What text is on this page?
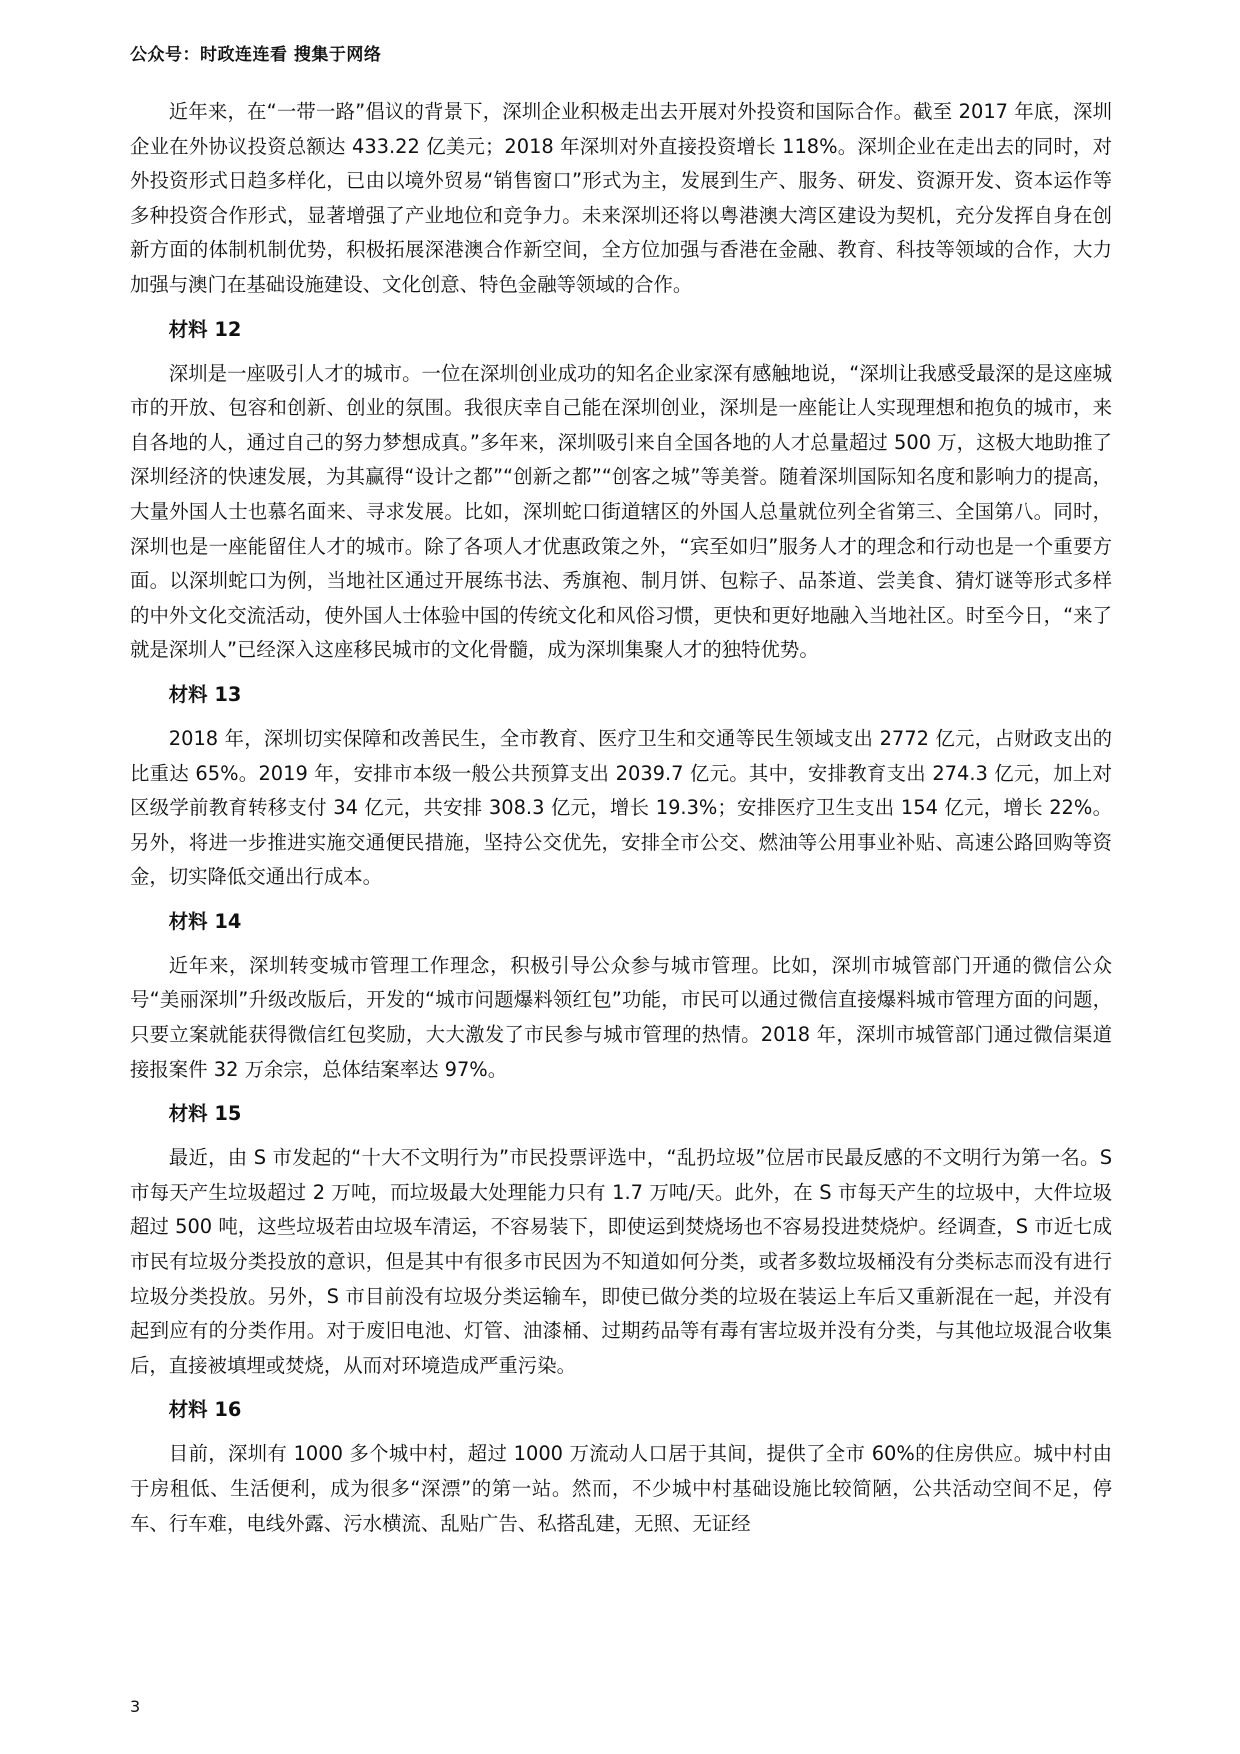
公众号：时政连连看 搜集于网络

近年来，在“一带一路”倡议的背景下，深圳企业积极走出去开展对外投资和国际合作。截至 2017 年底，深圳企业在外协议投资总额达 433.22 亿美元；2018 年深圳对外直接投资增长 118%。深圳企业在走出去的同时，对外投资形式日趋多样化，已由以境外贸易“销售窗口”形式为主，发展到生产、服务、研发、资源开发、资本运作等多种投资合作形式，显著增强了产业地位和竞争力。未来深圳还将以粤港澳大湾区建设为契机，充分发挥自身在创新方面的体制机制优势，积极拓展深港澳合作新空间，全方位加强与香港在金融、教育、科技等领域的合作，大力加强与澳门在基础设施建设、文化创意、特色金融等领域的合作。

材料 12

深圳是一座吸引人才的城市。一位在深圳创业成功的知名企业家深有感触地说，“深圳让我感受最深的是这座城市的开放、包容和创新、创业的氛围。我很庆幸自己能在深圳创业，深圳是一座能让人实现理想和抱负的城市，来自各地的人，通过自己的努力梦想成真。”多年来，深圳吸引来自全国各地的人才总量超过 500 万，这极大地助推了深圳经济的快速发展，为其赢得“设计之都”“创新之都”“创客之城”等美誉。随着深圳国际知名度和影响力的提高，大量外国人士也慕名面来、寻求发展。比如，深圳蛇口街道辖区的外国人总量就位列全省第三、全国第八。同时，深圳也是一座能留住人才的城市。除了各项人才优惠政策之外，“宾至如归”服务人才的理念和行动也是一个重要方面。以深圳蛇口为例，当地社区通过开展练书法、秀旗袍、制月饼、包粽子、品茶道、尝美食、猜灯谜等形式多样的中外文化交流活动，使外国人士体验中国的传统文化和风俗习惯，更快和更好地融入当地社区。时至今日，“来了就是深圳人”已经深入这座移民城市的文化骨髓，成为深圳集聚人才的独特优势。

材料 13

2018 年，深圳切实保障和改善民生，全市教育、医疗卫生和交通等民生领域支出 2772 亿元，占财政支出的比重达 65%。2019 年，安排市本级一般公共预算支出 2039.7 亿元。其中，安排教育支出 274.3 亿元，加上对区级学前教育转移支付 34 亿元，共安排 308.3 亿元，增长 19.3%；安排医疗卫生支出 154 亿元，增长 22%。另外，将进一步推进实施交通便民措施，坚持公交优先，安排全市公交、燃油等公用事业补贴、高速公路回购等资金，切实降低交通出行成本。

材料 14

近年来，深圳转变城市管理工作理念，积极引导公众参与城市管理。比如，深圳市城管部门开通的微信公众号“美丽深圳”升级改版后，开发的“城市问题爆料领红包”功能，市民可以通过微信直接爆料城市管理方面的问题，只要立案就能获得微信红包奖励，大大激发了市民参与城市管理的热情。2018 年，深圳市城管部门通过微信渠道接报案件 32 万余宗，总体结案率达 97%。

材料 15

最近，由 S 市发起的“十大不文明行为”市民投票评选中，“乱扔垃圾”位居市民最反感的不文明行为第一名。S 市每天产生垃圾超过 2 万吨，而垃圾最大处理能力只有 1.7 万吨/天。此外，在 S 市每天产生的垃圾中，大件垃圾超过 500 吨，这些垃圾若由垃圾车清运，不容易装下，即使运到焚烧场也不容易投进焚烧炉。经调查，S 市近七成市民有垃圾分类投放的意识，但是其中有很多市民因为不知道如何分类，或者多数垃圾桶没有分类标志而没有进行垃圾分类投放。另外，S 市目前没有垃圾分类运输车，即使已做分类的垃圾在装运上车后又重新混在一起，并没有起到应有的分类作用。对于废旧电池、灯管、油漆桶、过期药品等有毒有害垃圾并没有分类，与其他垃圾混合收集后，直接被填埋或焚烧，从而对环境造成严重污染。

材料 16

目前，深圳有 1000 多个城中村，超过 1000 万流动人口居于其间，提供了全市 60%的住房供应。城中村由于房租低、生活便利，成为很多“深漂”的第一站。然而，不少城中村基础设施比较简陋，公共活动空间不足，停车、行车难，电线外露、污水横流、乱贴广告、私搭乱建，无照、无证经

3
